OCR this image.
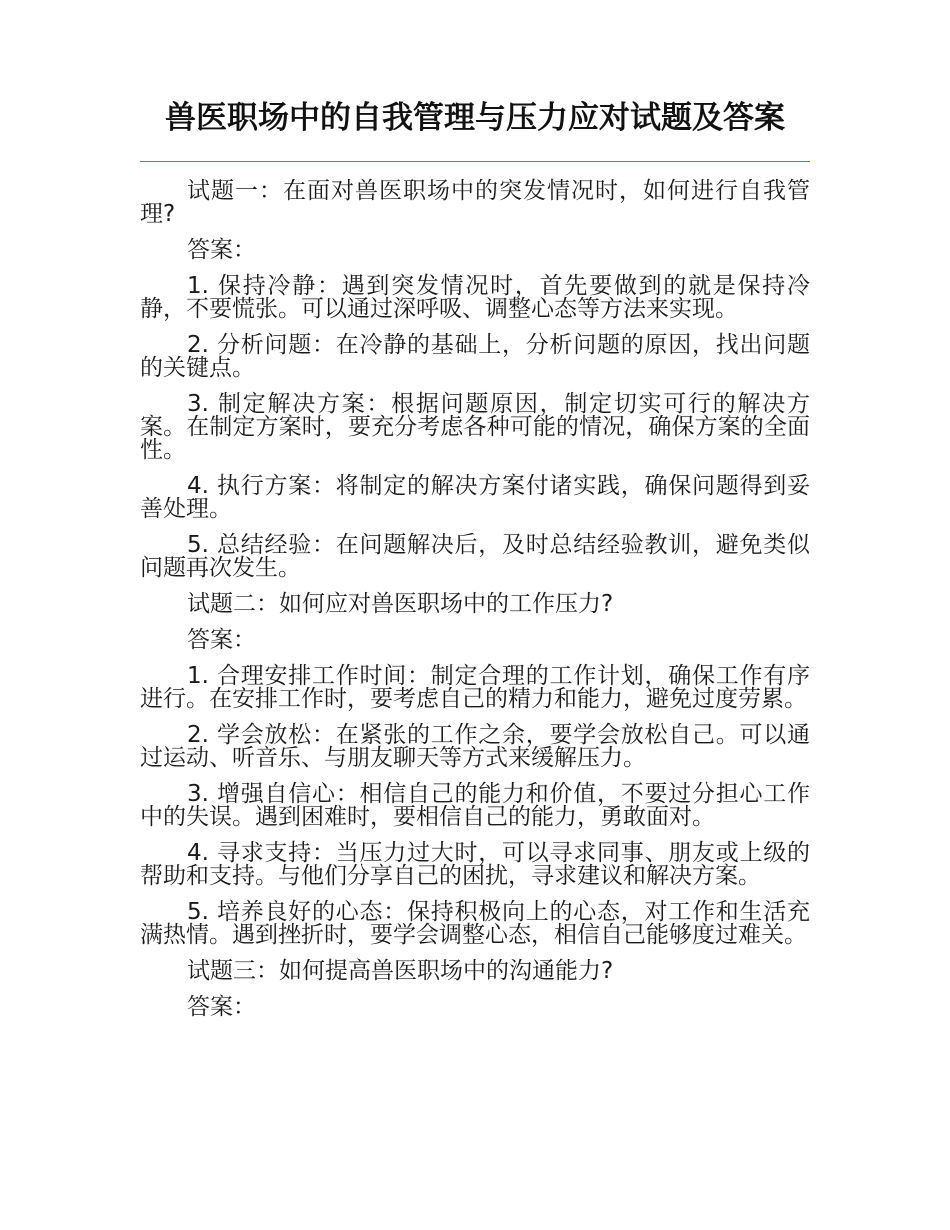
兽医职场中的自我管理与压力应对试题及答案

试题一：在面对兽医职场中的突发情况时，如何进行自我管理?

答案：

1. 保持冷静：遇到突发情况时，首先要做到的就是保持冷静，不要慌张。可以通过深呼吸、调整心态等方法来实现。

2. 分析问题：在冷静的基础上，分析问题的原因，找出问题的关键点。

3. 制定解决方案：根据问题原因，制定切实可行的解决方案。在制定方案时，要充分考虑各种可能的情况，确保方案的全面性。

4. 执行方案：将制定的解决方案付诸实践，确保问题得到妥善处理。

5. 总结经验：在问题解决后，及时总结经验教训，避免类似问题再次发生。

试题二：如何应对兽医职场中的工作压力?

答案：

1. 合理安排工作时间：制定合理的工作计划，确保工作有序进行。在安排工作时，要考虑自己的精力和能力，避免过度劳累。

2. 学会放松：在紧张的工作之余，要学会放松自己。可以通过运动、听音乐、与朋友聊天等方式来缓解压力。

3. 增强自信心：相信自己的能力和价值，不要过分担心工作中的失误。遇到困难时，要相信自己的能力，勇敢面对。

4. 寻求支持：当压力过大时，可以寻求同事、朋友或上级的帮助和支持。与他们分享自己的困扰，寻求建议和解决方案。

5. 培养良好的心态：保持积极向上的心态，对工作和生活充满热情。遇到挫折时，要学会调整心态，相信自己能够度过难关。

试题三：如何提高兽医职场中的沟通能力?

答案：
